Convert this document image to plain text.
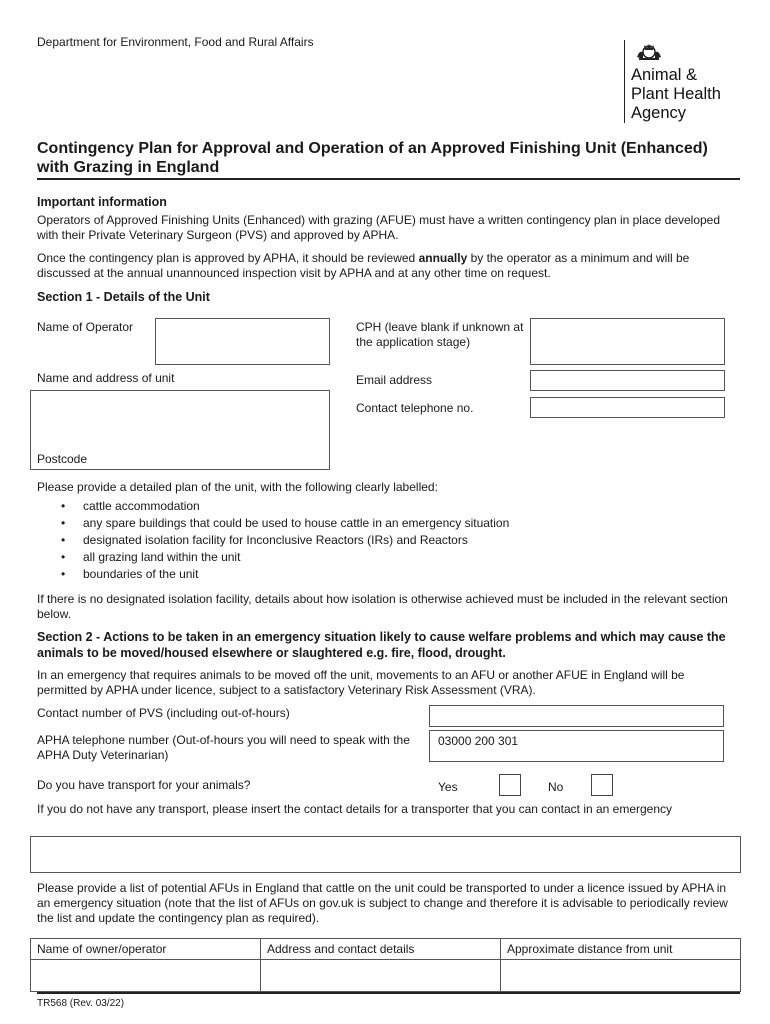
Department for Environment, Food and Rural Affairs
Animal &
Plant Health
Agency
Contingency Plan for Approval and Operation of an Approved Finishing Unit (Enhanced) with Grazing in England
Important information
Operators of Approved Finishing Units (Enhanced) with grazing (AFUE) must have a written contingency plan in place developed with their Private Veterinary Surgeon (PVS) and approved by APHA.
Once the contingency plan is approved by APHA, it should be reviewed annually by the operator as a minimum and will be discussed at the annual unannounced inspection visit by APHA and at any other time on request.
Section 1 - Details of the Unit
Name of Operator	CPH (leave blank if unknown at the application stage)
Name and address of unit
Postcode
Email address
Contact telephone no.
Please provide a detailed plan of the unit, with the following clearly labelled:
• cattle accommodation
• any spare buildings that could be used to house cattle in an emergency situation
• designated isolation facility for Inconclusive Reactors (IRs) and Reactors
• all grazing land within the unit
• boundaries of the unit
If there is no designated isolation facility, details about how isolation is otherwise achieved must be included in the relevant section below.
Section 2 - Actions to be taken in an emergency situation likely to cause welfare problems and which may cause the animals to be moved/housed elsewhere or slaughtered e.g. fire, flood, drought.
In an emergency that requires animals to be moved off the unit, movements to an AFU or another AFUE in England will be permitted by APHA under licence, subject to a satisfactory Veterinary Risk Assessment (VRA).
Contact number of PVS (including out-of-hours)
APHA telephone number (Out-of-hours you will need to speak with the APHA Duty Veterinarian)
03000 200 301
Do you have transport for your animals?	Yes	No
If you do not have any transport, please insert the contact details for a transporter that you can contact in an emergency
Please provide a list of potential AFUs in England that cattle on the unit could be transported to under a licence issued by APHA in an emergency situation (note that the list of AFUs on gov.uk is subject to change and therefore it is advisable to periodically review the list and update the contingency plan as required).
Name of owner/operator	Address and contact details	Approximate distance from unit

TR568 (Rev. 03/22)
